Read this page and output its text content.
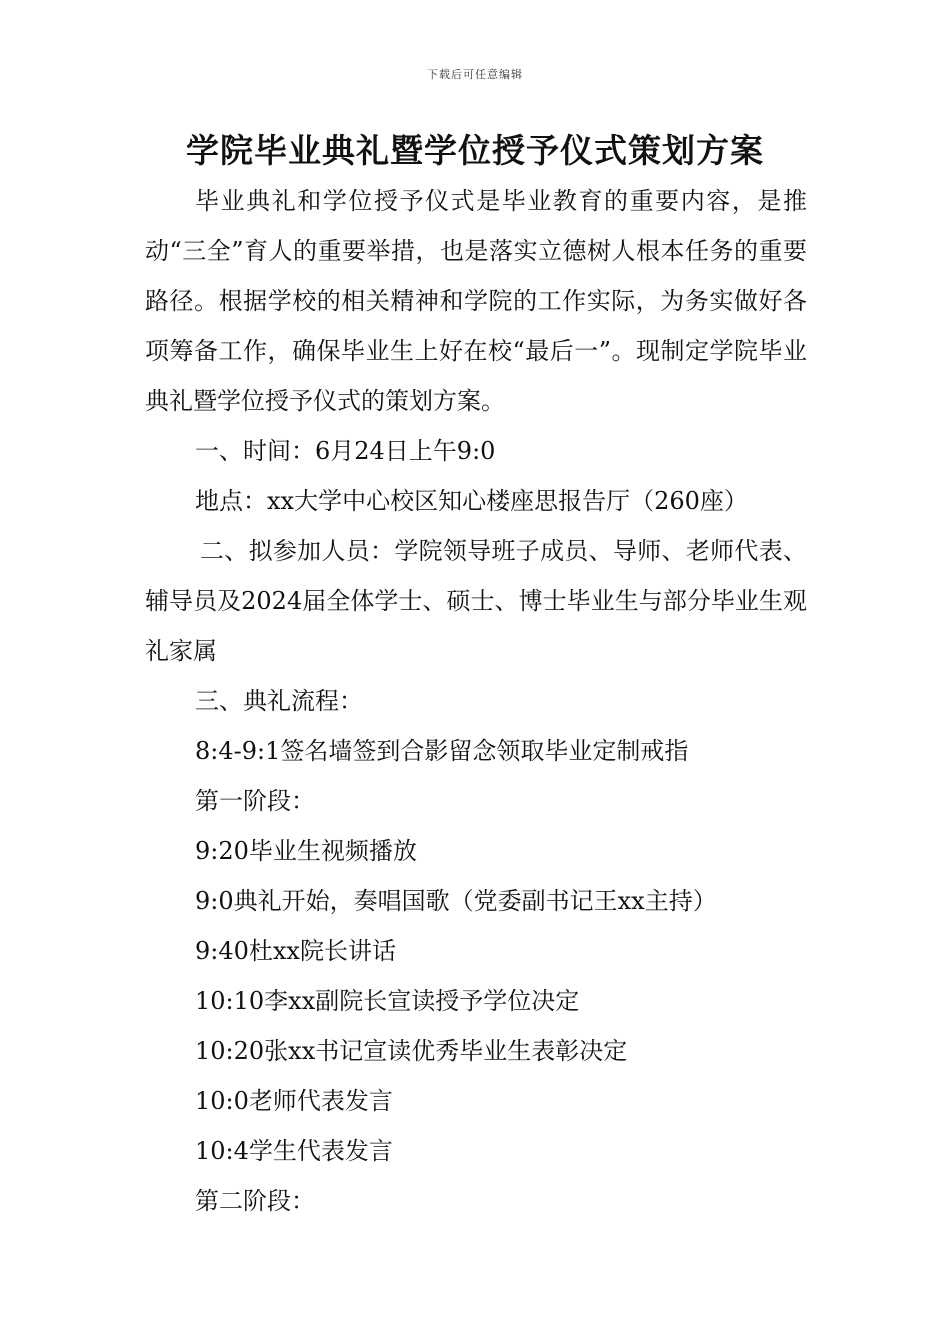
下载后可任意编辑
学院毕业典礼暨学位授予仪式策划方案

毕业典礼和学位授予仪式是毕业教育的重要内容，是推动“三全”育人的重要举措，也是落实立德树人根本任务的重要路径。根据学校的相关精神和学院的工作实际，为务实做好各项筹备工作，确保毕业生上好在校“最后一”。现制定学院毕业典礼暨学位授予仪式的策划方案。

一、时间：6月24日上午9:0

地点：xx大学中心校区知心楼座思报告厅（260座）

二、拟参加人员：学院领导班子成员、导师、老师代表、辅导员及2024届全体学士、硕士、博士毕业生与部分毕业生观礼家属

三、典礼流程：

8:4-9:1签名墙签到合影留念领取毕业定制戒指

第一阶段：

9:20毕业生视频播放

9:0典礼开始，奏唱国歌（党委副书记王xx主持）

9:40杜xx院长讲话

10:10李xx副院长宣读授予学位决定

10:20张xx书记宣读优秀毕业生表彰决定

10:0老师代表发言

10:4学生代表发言

第二阶段：
